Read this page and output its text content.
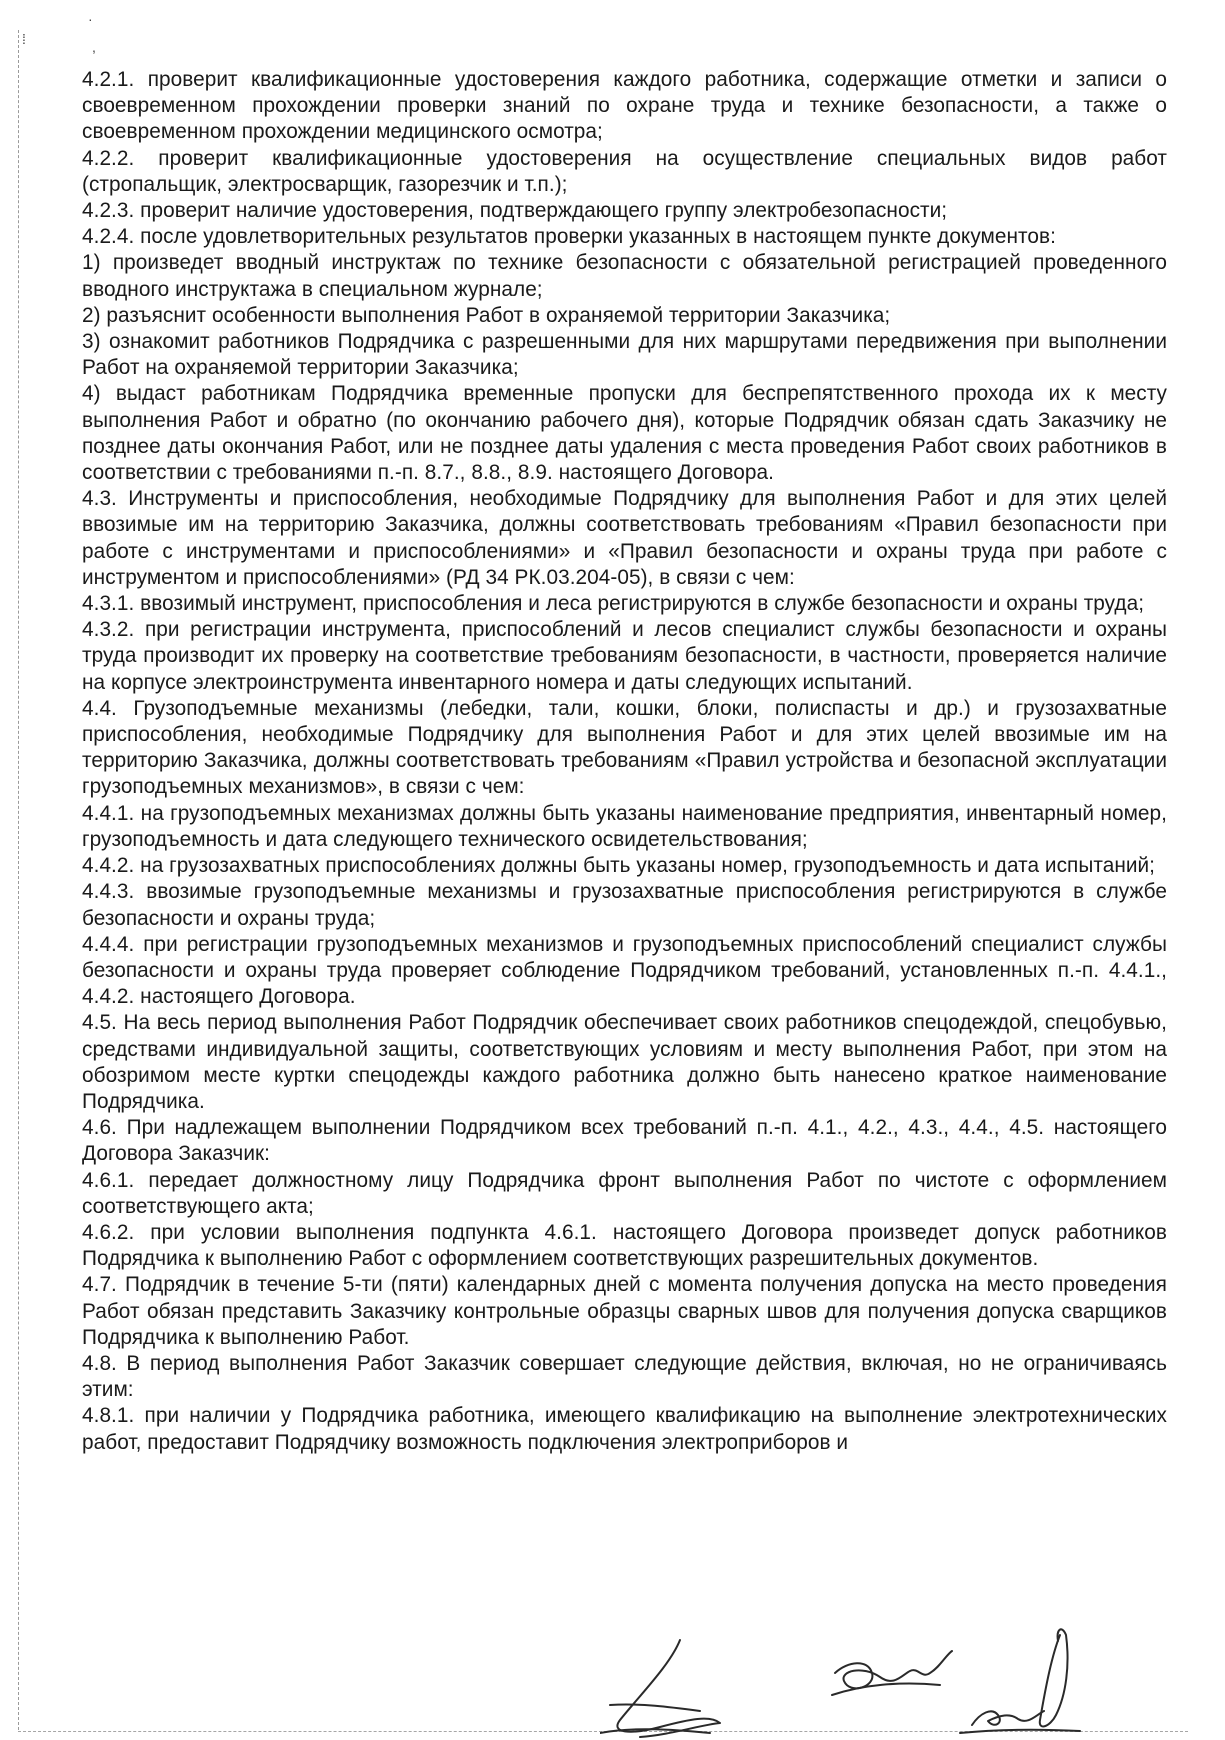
⁞
·
,

4.2.1. проверит квалификационные удостоверения каждого работника, содержащие отметки и записи о своевременном прохождении проверки знаний по охране труда и технике безопасности, а также о своевременном прохождении медицинского осмотра;

4.2.2. проверит квалификационные удостоверения на осуществление специальных видов работ (стропальщик, электросварщик, газорезчик и т.п.);

4.2.3. проверит наличие удостоверения, подтверждающего группу электробезопасности;

4.2.4. после удовлетворительных результатов проверки указанных в настоящем пункте документов:

1) произведет вводный инструктаж по технике безопасности с обязательной регистрацией проведенного вводного инструктажа в специальном журнале;

2) разъяснит особенности выполнения Работ в охраняемой территории Заказчика;

3) ознакомит работников Подрядчика с разрешенными для них маршрутами передвижения при выполнении Работ на охраняемой территории Заказчика;

4) выдаст работникам Подрядчика временные пропуски для беспрепятственного прохода их к месту выполнения Работ и обратно (по окончанию рабочего дня), которые Подрядчик обязан сдать Заказчику не позднее даты окончания Работ, или не позднее даты удаления с места проведения Работ своих работников в соответствии с требованиями п.-п. 8.7., 8.8., 8.9. настоящего Договора.

4.3. Инструменты и приспособления, необходимые Подрядчику для выполнения Работ и для этих целей ввозимые им на территорию Заказчика, должны соответствовать требованиям «Правил безопасности при работе с инструментами и приспособлениями» и «Правил безопасности и охраны труда при работе с инструментом и приспособлениями» (РД 34 РК.03.204-05), в связи с чем:

4.3.1. ввозимый инструмент, приспособления и леса регистрируются в службе безопасности и охраны труда;

4.3.2. при регистрации инструмента, приспособлений и лесов специалист службы безопасности и охраны труда производит их проверку на соответствие требованиям безопасности, в частности, проверяется наличие на корпусе электроинструмента инвентарного номера и даты следующих испытаний.

4.4. Грузоподъемные механизмы (лебедки, тали, кошки, блоки, полиспасты и др.) и грузозахватные приспособления, необходимые Подрядчику для выполнения Работ и для этих целей ввозимые им на территорию Заказчика, должны соответствовать требованиям «Правил устройства и безопасной эксплуатации грузоподъемных механизмов», в связи с чем:

4.4.1. на грузоподъемных механизмах должны быть указаны наименование предприятия, инвентарный номер, грузоподъемность и дата следующего технического освидетельствования;

4.4.2. на грузозахватных приспособлениях должны быть указаны номер, грузоподъемность и дата испытаний;

4.4.3. ввозимые грузоподъемные механизмы и грузозахватные приспособления регистрируются в службе безопасности и охраны труда;

4.4.4. при регистрации грузоподъемных механизмов и грузоподъемных приспособлений специалист службы безопасности и охраны труда проверяет соблюдение Подрядчиком требований, установленных п.-п. 4.4.1., 4.4.2. настоящего Договора.

4.5. На весь период выполнения Работ Подрядчик обеспечивает своих работников спецодеждой, спецобувью, средствами индивидуальной защиты, соответствующих условиям и месту выполнения Работ, при этом на обозримом месте куртки спецодежды каждого работника должно быть нанесено краткое наименование Подрядчика.

4.6. При надлежащем выполнении Подрядчиком всех требований п.-п. 4.1., 4.2., 4.3., 4.4., 4.5. настоящего Договора Заказчик:

4.6.1. передает должностному лицу Подрядчика фронт выполнения Работ по чистоте с оформлением соответствующего акта;

4.6.2. при условии выполнения подпункта 4.6.1. настоящего Договора произведет допуск работников Подрядчика к выполнению Работ с оформлением соответствующих разрешительных документов.

4.7. Подрядчик в течение 5-ти (пяти) календарных дней с момента получения допуска на место проведения Работ обязан представить Заказчику контрольные образцы сварных швов для получения допуска сварщиков Подрядчика к выполнению Работ.

4.8. В период выполнения Работ Заказчик совершает следующие действия, включая, но не ограничиваясь этим:

4.8.1. при наличии у Подрядчика работника, имеющего квалификацию на выполнение электротехнических работ, предоставит Подрядчику возможность подключения электроприборов и
